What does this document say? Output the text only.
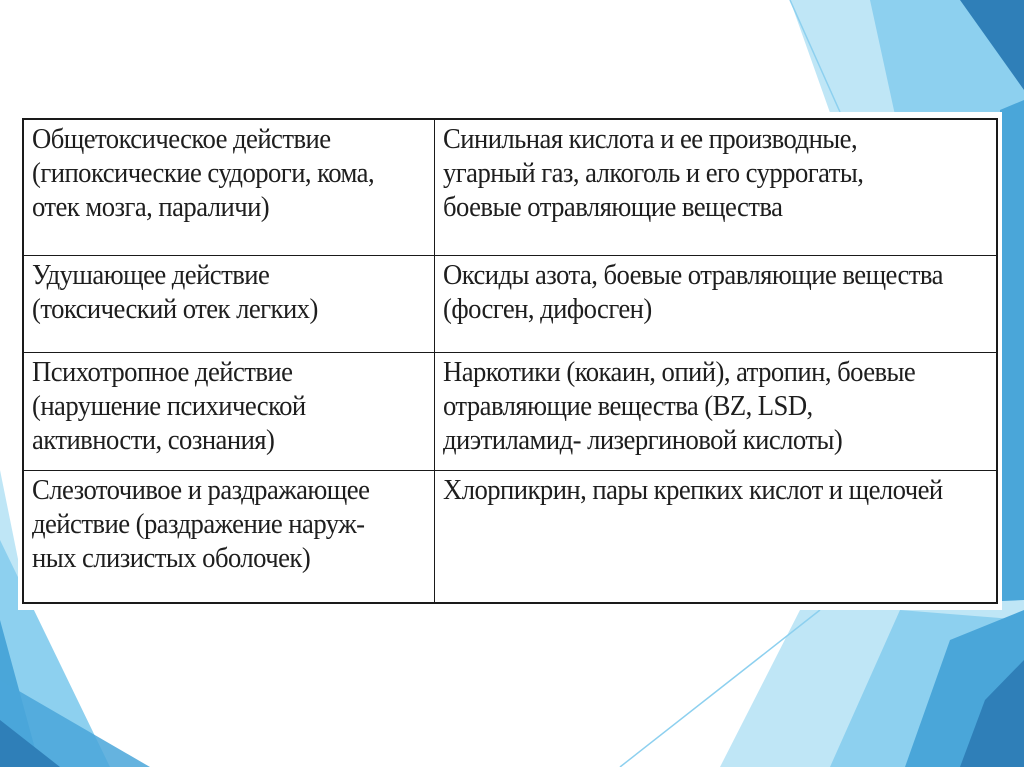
Общетоксическое действие (гипоксические судороги, кома, отек мозга, параличи)	Синильная кислота и ее производные, угарный газ, алкоголь и его суррогаты, боевые отравляющие вещества

Удушающее действие (токсический отек легких)	Оксиды азота, боевые отравляющие вещества (фосген, дифосген)

Психотропное действие (нарушение психической активности, сознания)	Наркотики (кокаин, опий), атропин, боевые отравляющие вещества (BZ, LSD, диэтиламид- лизергиновой кислоты)

Слезоточивое и раздражающее действие (раздражение наруж-ных слизистых оболочек)	Хлорпикрин, пары крепких кислот и щелочей
